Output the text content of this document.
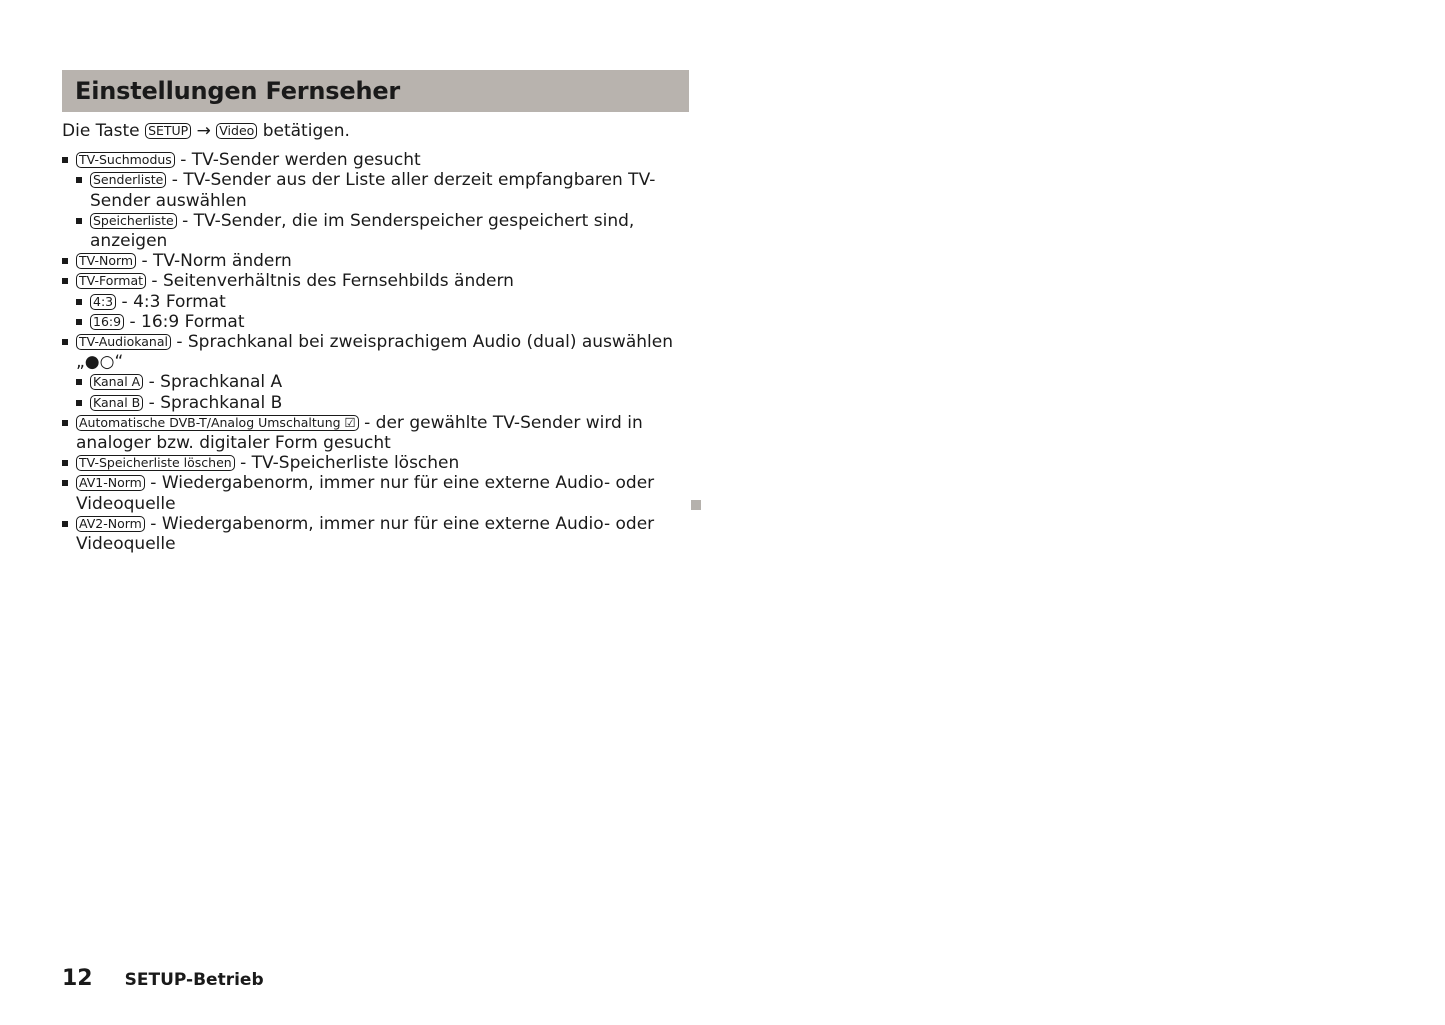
Einstellungen Fernseher

Die Taste SETUP → Video betätigen.

TV-Suchmodus - TV-Sender werden gesucht
Senderliste - TV-Sender aus der Liste aller derzeit empfangbaren TV-Sender auswählen
Speicherliste - TV-Sender, die im Senderspeicher gespeichert sind, anzeigen
TV-Norm - TV-Norm ändern
TV-Format - Seitenverhältnis des Fernsehbilds ändern
4:3 - 4:3 Format
16:9 - 16:9 Format
TV-Audiokanal - Sprachkanal bei zweisprachigem Audio (dual) auswählen „●○“
Kanal A - Sprachkanal A
Kanal B - Sprachkanal B
Automatische DVB-T/Analog Umschaltung ☑ - der gewählte TV-Sender wird in analoger bzw. digitaler Form gesucht
TV-Speicherliste löschen - TV-Speicherliste löschen
AV1-Norm - Wiedergabenorm, immer nur für eine externe Audio- oder Videoquelle
AV2-Norm - Wiedergabenorm, immer nur für eine externe Audio- oder Videoquelle
12 SETUP-Betrieb
